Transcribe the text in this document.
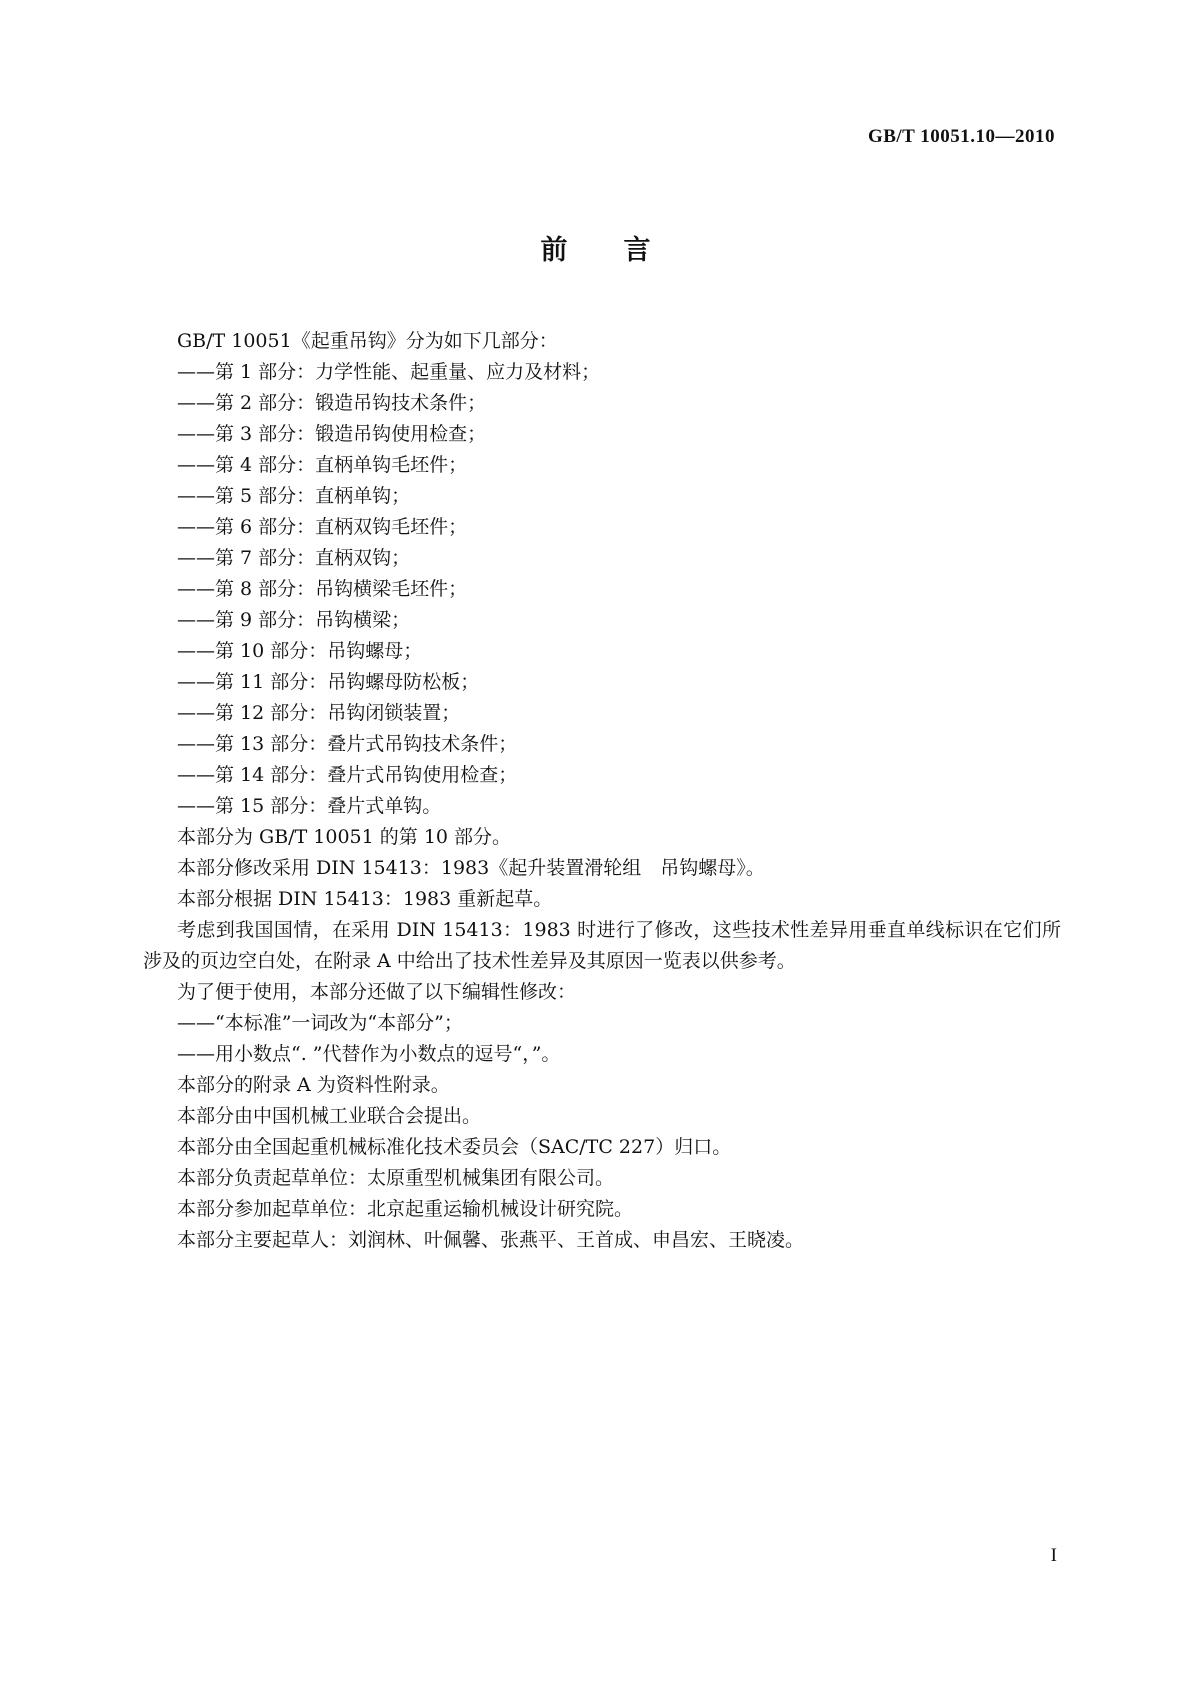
GB/T 10051.10—2010
前言

GB/T 10051《起重吊钩》分为如下几部分：

——第 1 部分：力学性能、起重量、应力及材料；

——第 2 部分：锻造吊钩技术条件；

——第 3 部分：锻造吊钩使用检查；

——第 4 部分：直柄单钩毛坯件；

——第 5 部分：直柄单钩；

——第 6 部分：直柄双钩毛坯件；

——第 7 部分：直柄双钩；

——第 8 部分：吊钩横梁毛坯件；

——第 9 部分：吊钩横梁；

——第 10 部分：吊钩螺母；

——第 11 部分：吊钩螺母防松板；

——第 12 部分：吊钩闭锁装置；

——第 13 部分：叠片式吊钩技术条件；

——第 14 部分：叠片式吊钩使用检查；

——第 15 部分：叠片式单钩。

本部分为 GB/T 10051 的第 10 部分。

本部分修改采用 DIN 15413：1983《起升装置滑轮组　吊钩螺母》。

本部分根据 DIN 15413：1983 重新起草。

考虑到我国国情，在采用 DIN 15413：1983 时进行了修改，这些技术性差异用垂直单线标识在它们所涉及的页边空白处，在附录 A 中给出了技术性差异及其原因一览表以供参考。

为了便于使用，本部分还做了以下编辑性修改：

——“本标准”一词改为“本部分”；

——用小数点“. ”代替作为小数点的逗号“，”。

本部分的附录 A 为资料性附录。

本部分由中国机械工业联合会提出。

本部分由全国起重机械标准化技术委员会（SAC/TC 227）归口。

本部分负责起草单位：太原重型机械集团有限公司。

本部分参加起草单位：北京起重运输机械设计研究院。

本部分主要起草人：刘润林、叶佩馨、张燕平、王首成、申昌宏、王晓凌。

I
